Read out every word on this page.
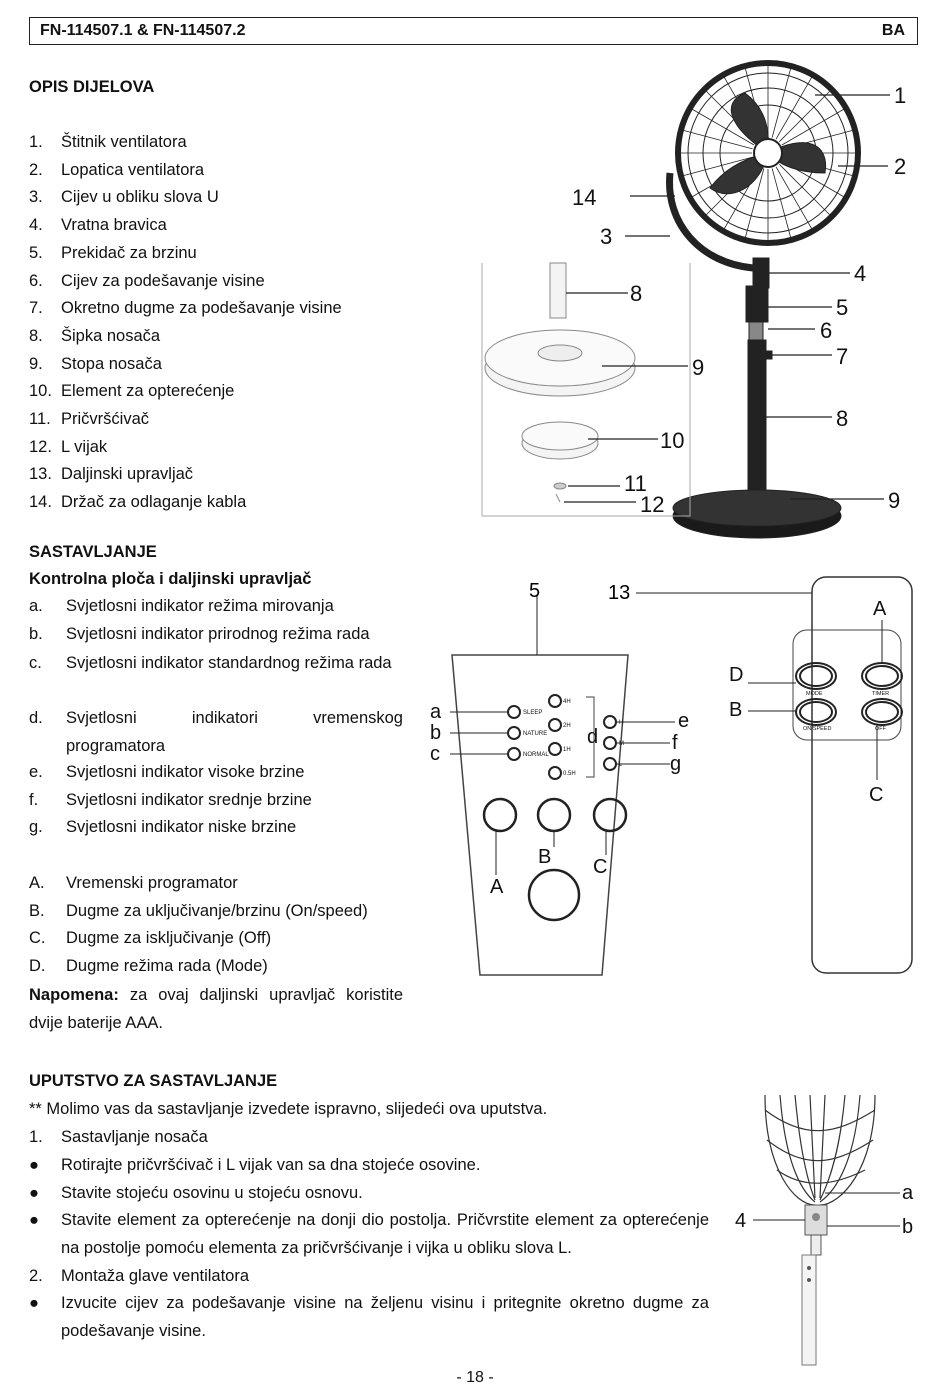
FN-114507.1 & FN-114507.2	BA
OPIS DIJELOVA
1. Štitnik ventilatora
2. Lopatica ventilatora
3. Cijev u obliku slova U
4. Vratna bravica
5. Prekidač za brzinu
6. Cijev za podešavanje visine
7. Okretno dugme za podešavanje visine
8. Šipka nosača
9. Stopa nosača
10. Element za opterećenje
11. Pričvršćivač
12. L vijak
13. Daljinski upravljač
14. Držač za odlaganje kabla
1
2
14
3
4
5
6
7
8
9
8
9
10
11
12
SASTAVLJANJE
Kontrolna ploča i daljinski upravljač
a. Svjetlosni indikator režima mirovanja
b. Svjetlosni indikator prirodnog režima rada
c.	Svjetlosni indikator standardnog režima rada
d.	Svjetlosni indikatori vremenskog programatora
e. Svjetlosni indikator visoke brzine
f. Svjetlosni indikator srednje brzine
g. Svjetlosni indikator niske brzine
A. Vremenski programator
B. Dugme za uključivanje/brzinu (On/speed)
C. Dugme za isključivanje (Off)
D. Dugme režima rada (Mode)
Napomena: za ovaj daljinski upravljač koristite dvije baterije AAA.
5
SLEEP
NATURE
NORMAL
4H
2H
1H
0.5H
H
M
L
a
b
c
d
e
f
g
A
B C
13
MODE	TIMER
ON/SPEED	OFF
A
D
B
C
UPUTSTVO ZA SASTAVLJANJE
** Molimo vas da sastavljanje izvedete ispravno, slijedeći ova uputstva.
1. Sastavljanje nosača
● Rotirajte pričvršćivač i L vijak van sa dna stojeće osovine.
● Stavite stojeću osovinu u stojeću osnovu.
●	Stavite element za opterećenje na donji dio postolja. Pričvrstite element za opterećenje na postolje pomoću elementa za pričvršćivanje i vijka u obliku slova L.
2. Montaža glave ventilatora
●	Izvucite cijev za podešavanje visine na željenu visinu i pritegnite okretno dugme za podešavanje visine.
a
b
4
- 18 -
